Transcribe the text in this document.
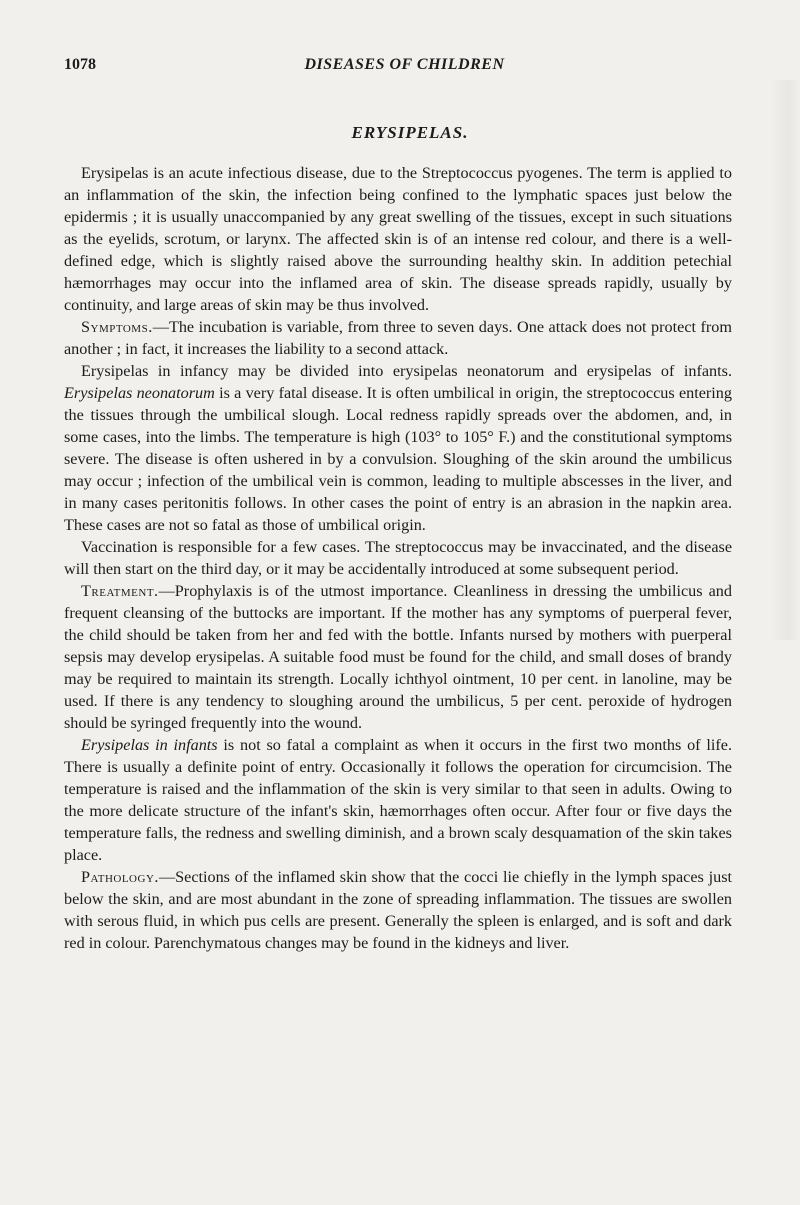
1078	DISEASES OF CHILDREN
ERYSIPELAS.

Erysipelas is an acute infectious disease, due to the Streptococcus pyogenes. The term is applied to an inflammation of the skin, the infection being confined to the lymphatic spaces just below the epidermis ; it is usually unaccompanied by any great swelling of the tissues, except in such situations as the eyelids, scrotum, or larynx. The affected skin is of an intense red colour, and there is a well-defined edge, which is slightly raised above the surrounding healthy skin. In addition petechial hæmorrhages may occur into the inflamed area of skin. The disease spreads rapidly, usually by continuity, and large areas of skin may be thus involved.

Symptoms.—The incubation is variable, from three to seven days. One attack does not protect from another ; in fact, it increases the liability to a second attack.

Erysipelas in infancy may be divided into erysipelas neonatorum and erysipelas of infants. Erysipelas neonatorum is a very fatal disease. It is often umbilical in origin, the streptococcus entering the tissues through the umbilical slough. Local redness rapidly spreads over the abdomen, and, in some cases, into the limbs. The temperature is high (103° to 105° F.) and the constitutional symptoms severe. The disease is often ushered in by a convulsion. Sloughing of the skin around the umbilicus may occur ; infection of the umbilical vein is common, leading to multiple abscesses in the liver, and in many cases peritonitis follows. In other cases the point of entry is an abrasion in the napkin area. These cases are not so fatal as those of umbilical origin.

Vaccination is responsible for a few cases. The streptococcus may be invaccinated, and the disease will then start on the third day, or it may be accidentally introduced at some subsequent period.

Treatment.—Prophylaxis is of the utmost importance. Cleanliness in dressing the umbilicus and frequent cleansing of the buttocks are important. If the mother has any symptoms of puerperal fever, the child should be taken from her and fed with the bottle. Infants nursed by mothers with puerperal sepsis may develop erysipelas. A suitable food must be found for the child, and small doses of brandy may be required to maintain its strength. Locally ichthyol ointment, 10 per cent. in lanoline, may be used. If there is any tendency to sloughing around the umbilicus, 5 per cent. peroxide of hydrogen should be syringed frequently into the wound.

Erysipelas in infants is not so fatal a complaint as when it occurs in the first two months of life. There is usually a definite point of entry. Occasionally it follows the operation for circumcision. The temperature is raised and the inflammation of the skin is very similar to that seen in adults. Owing to the more delicate structure of the infant's skin, hæmorrhages often occur. After four or five days the temperature falls, the redness and swelling diminish, and a brown scaly desquamation of the skin takes place.

Pathology.—Sections of the inflamed skin show that the cocci lie chiefly in the lymph spaces just below the skin, and are most abundant in the zone of spreading inflammation. The tissues are swollen with serous fluid, in which pus cells are present. Generally the spleen is enlarged, and is soft and dark red in colour. Parenchymatous changes may be found in the kidneys and liver.
